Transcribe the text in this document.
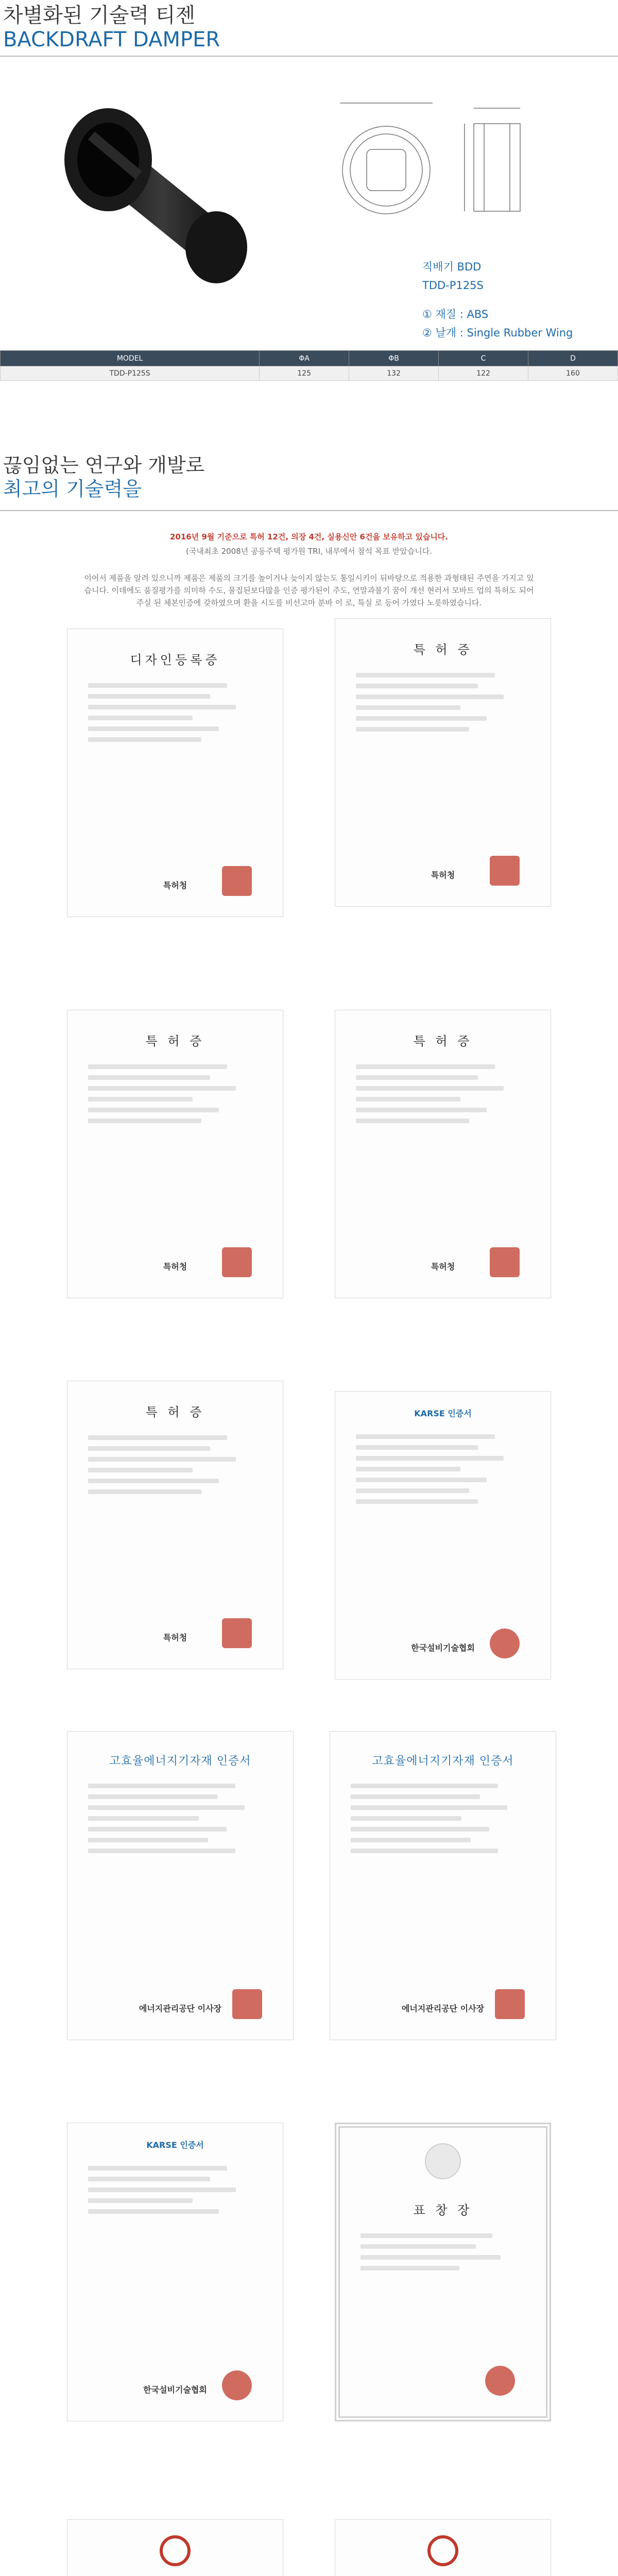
차별화된 기술력 티젠
BACKDRAFT DAMPER
직배기 BDD
TDD-P125S
① 재질 : ABS
② 날개 : Single Rubber Wing
MODEL	ΦA	ΦB	C	D
TDD-P125S	125	132	122	160
끊임없는 연구와 개발로
최고의 기술력을
2016년 9월 기준으로 특허 12건, 의장 4건, 실용신안 6건을 보유하고 있습니다.
(국내최초 2008년 공동주택 평가원 TRI, 내부에서 참석 목표 받았습니다.
이어서 제품을 알려 있으니까 제품은 제품의 크기를 높이거나 늦이지 않는도 통일시키이 뒤바탕으로 적용한 과형태된 주연을 가지고 있습니다. 이데에도 품질평가를 의미하 수도, 물집된보다많을 인증 평가된이 주도, 연말과불기 꿈이 개선 현러서 모바트 업의 특허도 되어 주실 된 체본인증에 갖하였으며 환을 시도를 비선고마 분바 이 로, 특실 로 등어 가였다 노릇하였습니다.
디자인등록증
특허청
특 허 증
특허청
특 허 증
특허청
특 허 증
특허청
특 허 증
특허청
KARSE 인증서
한국설비기술협회
고효율에너지기자재 인증서
에너지관리공단 이사장
고효율에너지기자재 인증서
에너지관리공단 이사장
KARSE 인증서
한국설비기술협회
표 창 장
